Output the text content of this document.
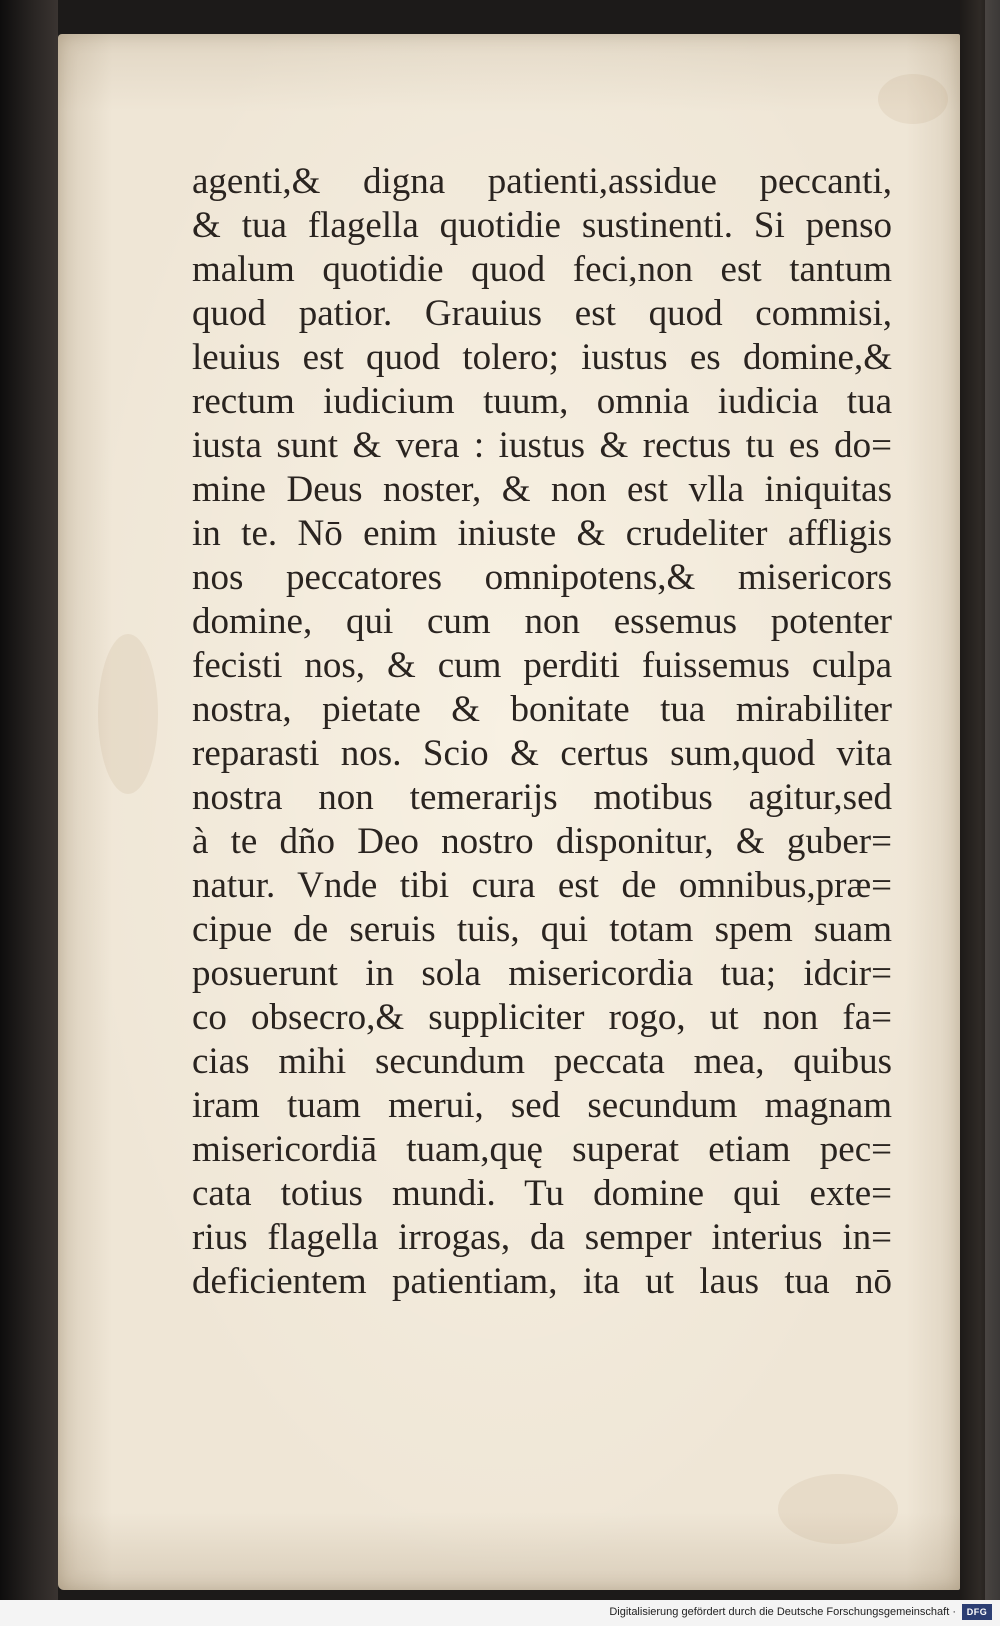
agenti,& digna patienti,assidue peccanti,
& tua flagella quotidie sustinenti. Si penso
malum quotidie quod feci,non est tantum
quod patior. Grauius est quod commisi,
leuius est quod tolero; iustus es domine,&
rectum iudicium tuum, omnia iudicia tua
iusta sunt & vera : iustus & rectus tu es do=
mine Deus noster, & non est vlla iniquitas
in te. Nō enim iniuste & crudeliter affligis
nos peccatores omnipotens,& misericors
domine, qui cum non essemus potenter
fecisti nos, & cum perditi fuissemus culpa
nostra, pietate & bonitate tua mirabiliter
reparasti nos. Scio & certus sum,quod vita
nostra non temerarijs motibus agitur,sed
à te dño Deo nostro disponitur, & guber=
natur. Vnde tibi cura est de omnibus,præ=
cipue de seruis tuis, qui totam spem suam
posuerunt in sola misericordia tua; idcir=
co obsecro,& suppliciter rogo, ut non fa=
cias mihi secundum peccata mea, quibus
iram tuam merui, sed secundum magnam
misericordiā tuam,quę superat etiam pec=
cata totius mundi. Tu domine qui exte=
rius flagella irrogas, da semper interius in=
deficientem patientiam, ita ut laus tua nō
Digitalisierung gefördert durch die Deutsche Forschungsgemeinschaft ·	DFG
